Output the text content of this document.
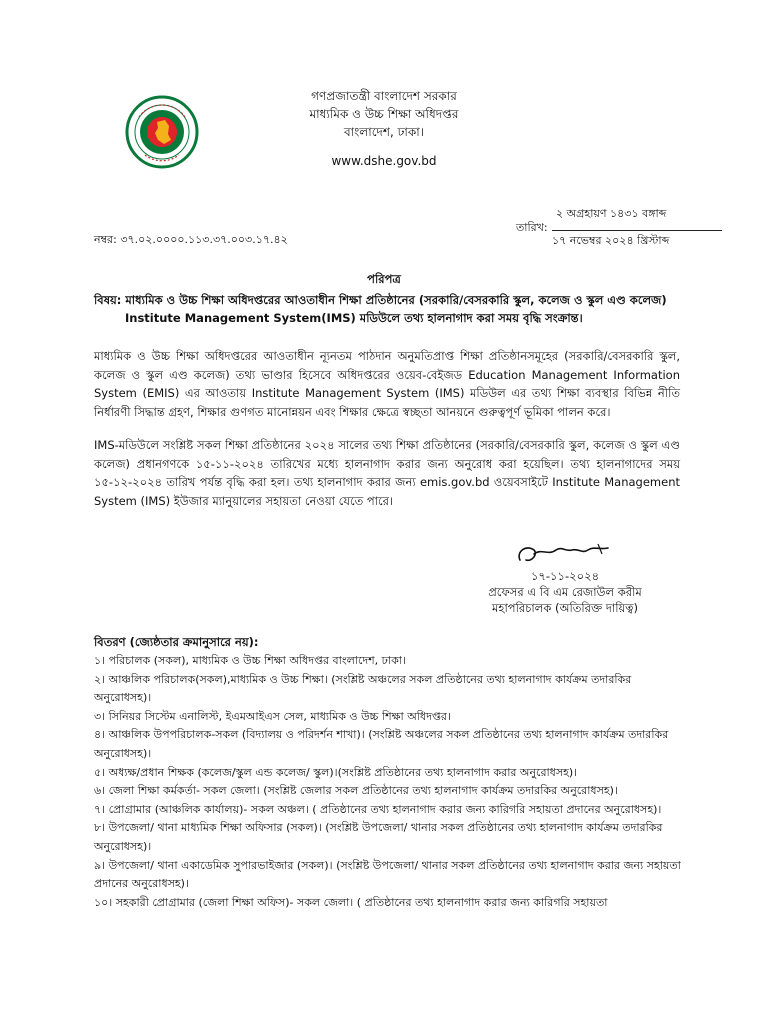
গণপ্রজাতন্ত্রী বাংলাদেশ সরকার
মাধ্যমিক ও উচ্চ শিক্ষা অধিদপ্তর
বাংলাদেশ, ঢাকা।
www.dshe.gov.bd
নম্বর: ৩৭.০২.০০০০.১১৩.৩৭.০০৩.১৭.৪২
তারিখ:
২ অগ্রহায়ণ ১৪৩১ বঙ্গাব্দ
১৭ নভেম্বর ২০২৪ খ্রিস্টাব্দ
পরিপত্র
বিষয়: মাধ্যমিক ও উচ্চ শিক্ষা অধিদপ্তরের আওতাধীন শিক্ষা প্রতিষ্ঠানের (সরকারি/বেসরকারি স্কুল, কলেজ ও স্কুল এণ্ড কলেজ)
Institute Management System(IMS) মডিউলে তথ্য হালনাগাদ করা সময় বৃদ্ধি সংক্রান্ত।
মাধ্যমিক ও উচ্চ শিক্ষা অধিদপ্তরের আওতাধীন ন্যূনতম পাঠদান অনুমতিপ্রাপ্ত শিক্ষা প্রতিষ্ঠানসমূহের (সরকারি/বেসরকারি স্কুল, কলেজ ও স্কুল এণ্ড কলেজ) তথ্য ভাণ্ডার হিসেবে অধিদপ্তরের ওয়েব-বেইজড Education Management Information System (EMIS) এর আওতায় Institute Management System (IMS) মডিউল এর তথ্য শিক্ষা ব্যবস্থার বিভিন্ন নীতি নির্ধারণী সিদ্ধান্ত গ্রহণ, শিক্ষার গুণগত মানোন্নয়ন এবং শিক্ষার ক্ষেত্রে স্বচ্ছতা আনয়নে গুরুত্বপূর্ণ ভূমিকা পালন করে।
IMS-মডিউলে সংশ্লিষ্ট সকল শিক্ষা প্রতিষ্ঠানের ২০২৪ সালের তথ্য শিক্ষা প্রতিষ্ঠানের (সরকারি/বেসরকারি স্কুল, কলেজ ও স্কুল এণ্ড কলেজ) প্রধানগণকে ১৫-১১-২০২৪ তারিখের মধ্যে হালনাগাদ করার জন্য অনুরোধ করা হয়েছিল। তথ্য হালনাগাদের সময় ১৫-১২-২০২৪ তারিখ পর্যন্ত বৃদ্ধি করা হল। তথ্য হালনাগাদ করার জন্য emis.gov.bd ওয়েবসাইটে Institute Management System (IMS) ইউজার ম্যানুয়ালের সহায়তা নেওয়া যেতে পারে।
১৭-১১-২০২৪
প্রফেসর এ বি এম রেজাউল করীম
মহাপরিচালক (অতিরিক্ত দায়িত্ব)
বিতরণ (জ্যেষ্ঠতার ক্রমানুসারে নয়):

১। পরিচালক (সকল), মাধ্যমিক ও উচ্চ শিক্ষা অধিদপ্তর বাংলাদেশ, ঢাকা।

২। আঞ্চলিক পরিচালক(সকল),মাধ্যমিক ও উচ্চ শিক্ষা। (সংশ্লিষ্ট অঞ্চলের সকল প্রতিষ্ঠানের তথ্য হালনাগাদ কার্যক্রম তদারকির অনুরোধসহ)।

৩। সিনিয়র সিস্টেম এনালিস্ট, ইএমআইএস সেল, মাধ্যমিক ও উচ্চ শিক্ষা অধিদপ্তর।

৪। আঞ্চলিক উপপরিচালক-সকল (বিদ্যালয় ও পরিদর্শন শাখা)। (সংশ্লিষ্ট অঞ্চলের সকল প্রতিষ্ঠানের তথ্য হালনাগাদ কার্যক্রম তদারকির অনুরোধসহ)।

৫। অধ্যক্ষ/প্রধান শিক্ষক (কলেজ/স্কুল এন্ড কলেজ/ স্কুল)।(সংশ্লিষ্ট প্রতিষ্ঠানের তথ্য হালনাগাদ করার অনুরোধসহ)।

৬। জেলা শিক্ষা কর্মকর্তা- সকল জেলা। (সংশ্লিষ্ট জেলার সকল প্রতিষ্ঠানের তথ্য হালনাগাদ কার্যক্রম তদারকির অনুরোধসহ)।

৭। প্রোগ্রামার (আঞ্চলিক কার্যালয়)- সকল অঞ্চল। ( প্রতিষ্ঠানের তথ্য হালনাগাদ করার জন্য কারিগরি সহায়তা প্রদানের অনুরোধসহ)।

৮। উপজেলা/ থানা মাধ্যমিক শিক্ষা অফিসার (সকল)। (সংশ্লিষ্ট উপজেলা/ থানার সকল প্রতিষ্ঠানের তথ্য হালনাগাদ কার্যক্রম তদারকির অনুরোধসহ)।

৯। উপজেলা/ থানা একাডেমিক সুপারভাইজার (সকল)। (সংশ্লিষ্ট উপজেলা/ থানার সকল প্রতিষ্ঠানের তথ্য হালনাগাদ করার জন্য সহায়তা প্রদানের অনুরোধসহ)।

১০। সহকারী প্রোগ্রামার (জেলা শিক্ষা অফিস)- সকল জেলা। ( প্রতিষ্ঠানের তথ্য হালনাগাদ করার জন্য কারিগরি সহায়তা
